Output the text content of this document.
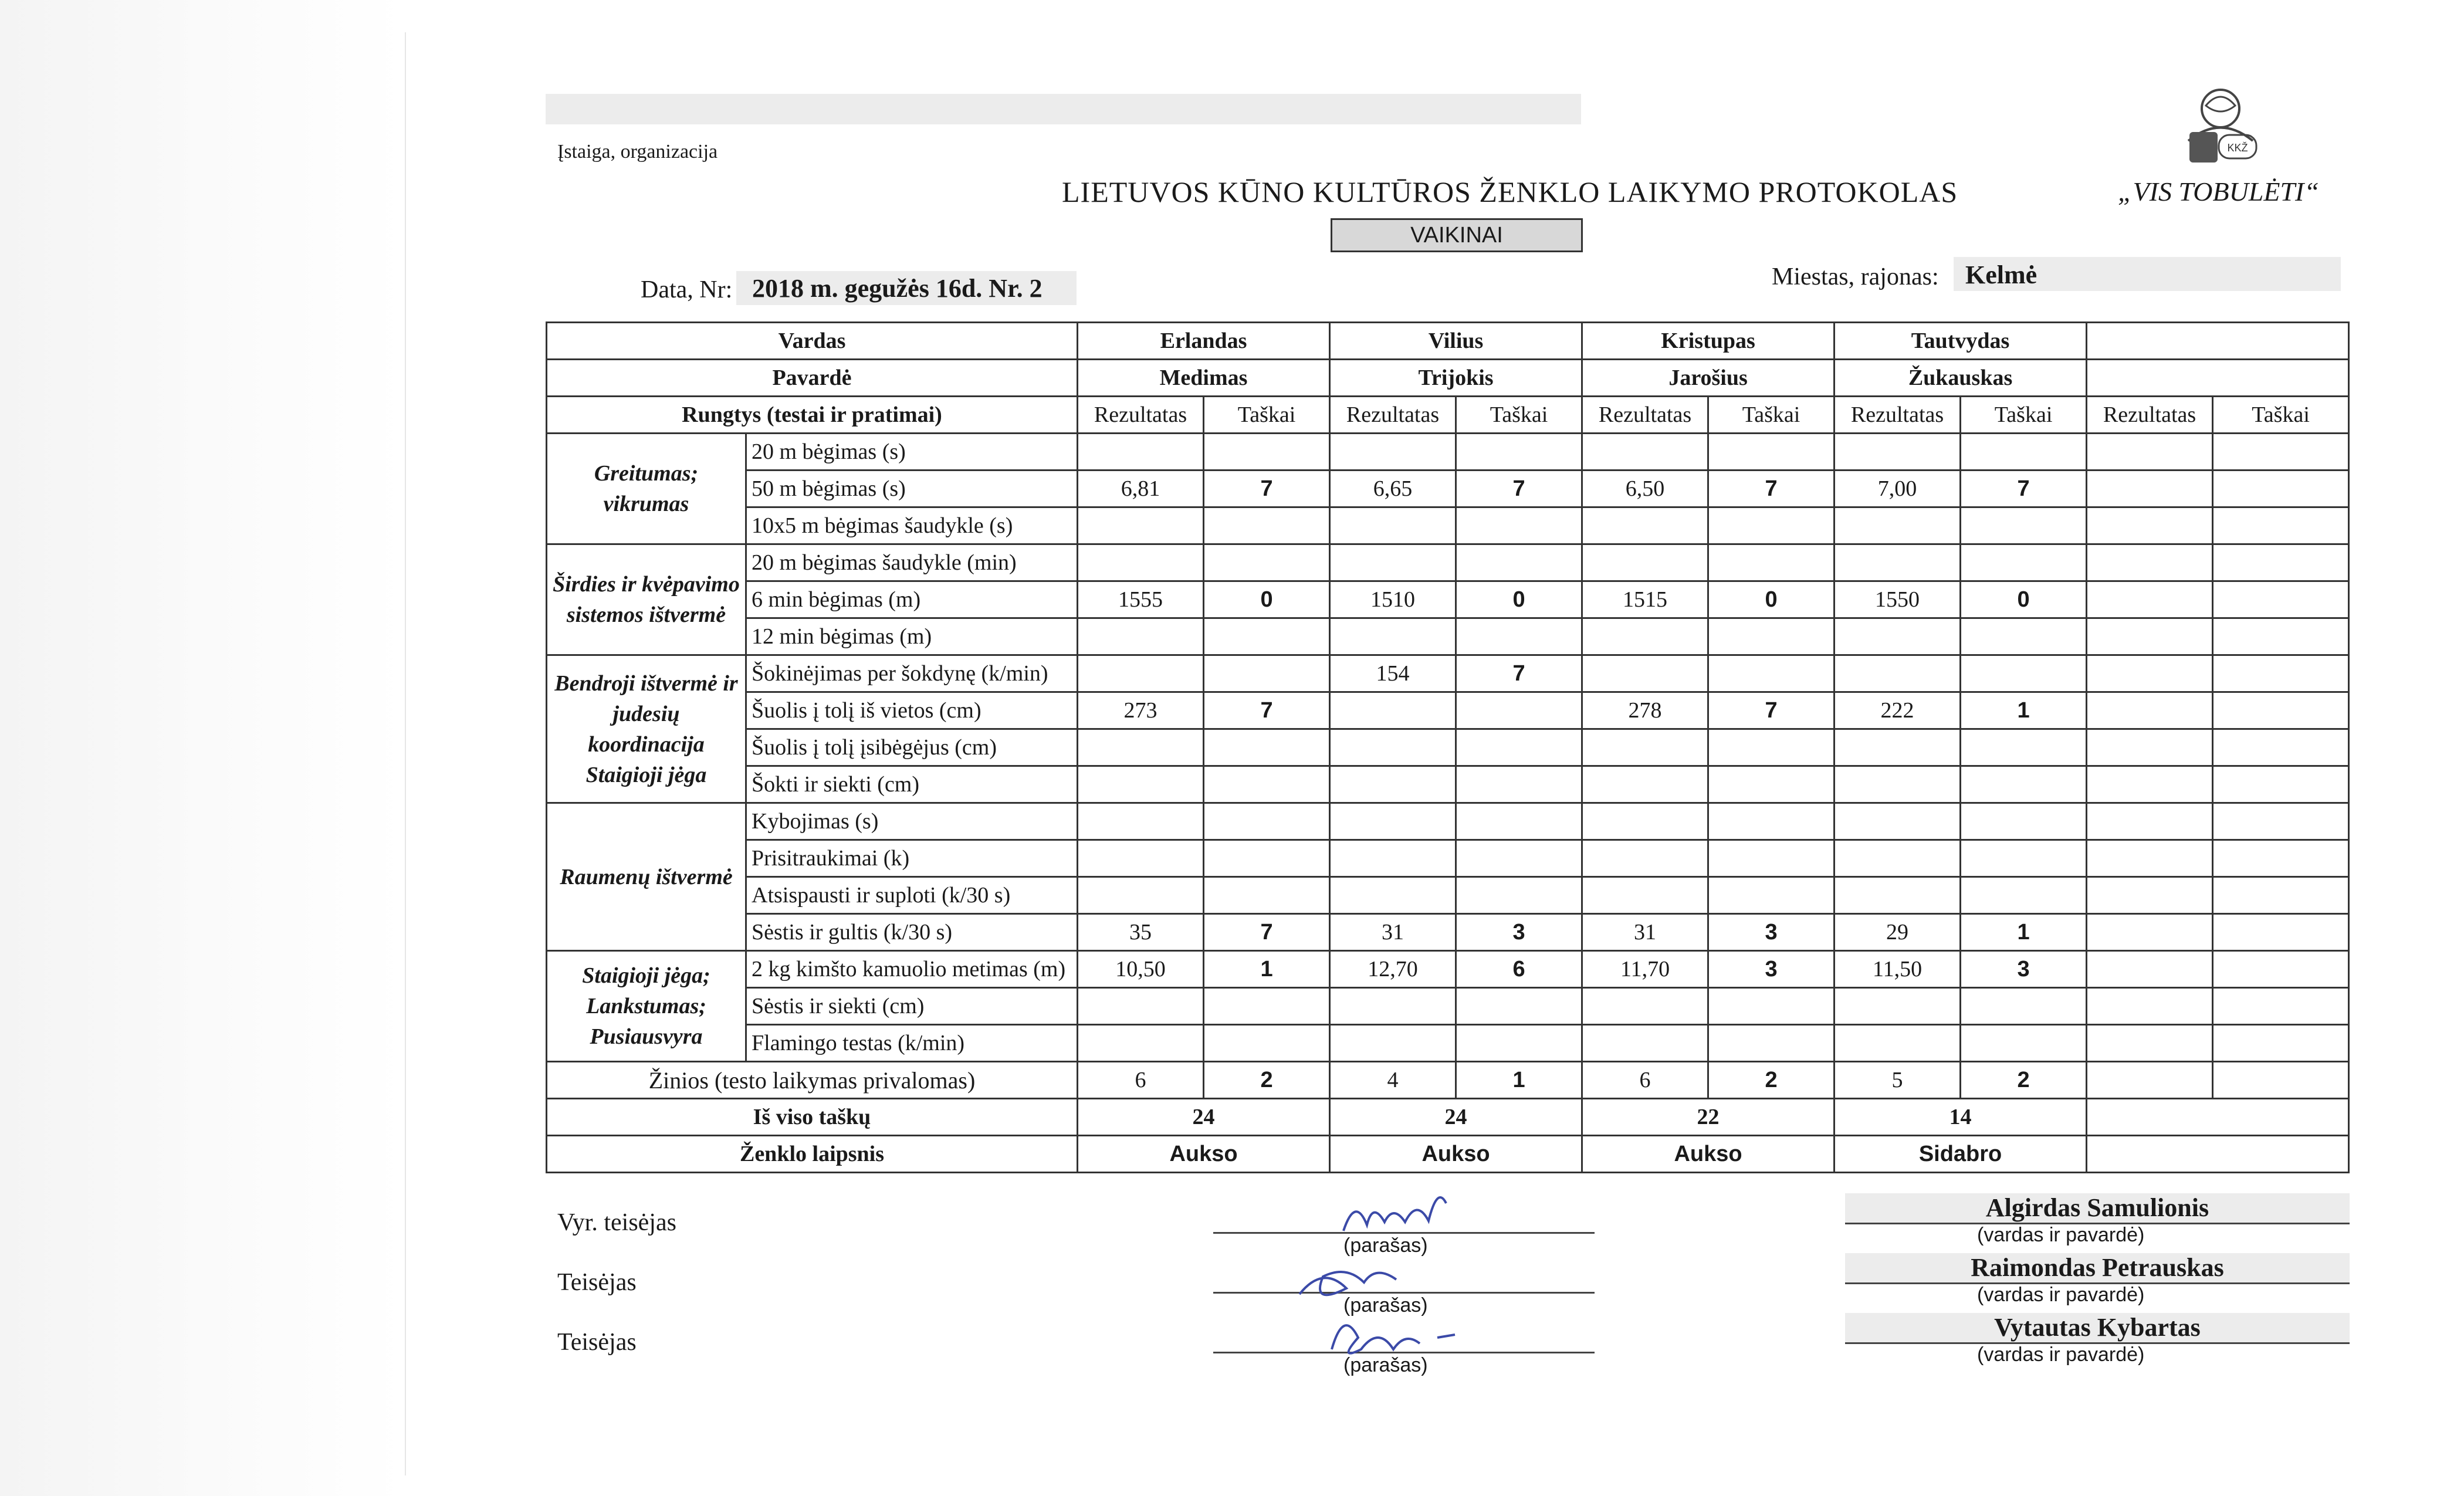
Įstaiga, organizacija
LIETUVOS KŪNO KULTŪROS ŽENKLO LAIKYMO PROTOKOLAS	„VIS TOBULĖTI“
VAIKINAI
Data, Nr: 2018 m. gegužės 16d. Nr. 2	Miestas, rajonas: Kelmė
KKŽ
Vardas		Erlandas		Vilius		Kristupas		Tautvydas			
Pavardė		Medimas		Trijokis		Jarošius		Žukauskas			
Rungtys (testai ir pratimai)		Rezultatas	Taškai	Rezultatas	Taškai	Rezultatas	Taškai	Rezultatas	Taškai	Rezultatas	Taškai
Greitumas; vikrumas	20 m bėgimas (s)										
	50 m bėgimas (s)	6,81	7	6,65	7	6,50	7	7,00	7		
	10x5 m bėgimas šaudykle (s)										
Širdies ir kvėpavimo sistemos ištvermė	20 m bėgimas šaudykle (min)										
	6 min bėgimas (m)	1555	0	1510	0	1515	0	1550	0		
	12 min bėgimas (m)										
Bendroji ištvermė ir judesių koordinacija Staigioji jėga	Šokinėjimas per šokdynę (k/min)			154	7						
	Šuolis į tolį iš vietos (cm)	273	7			278	7	222	1		
	Šuolis į tolį įsibėgėjus (cm)										
	Šokti ir siekti (cm)										
Raumenų ištvermė	Kybojimas (s)										
	Prisitraukimai (k)										
	Atsispausti ir suploti (k/30 s)										
	Sėstis ir gultis (k/30 s)	35	7	31	3	31	3	29	1		
Staigioji jėga; Lankstumas; Pusiausvyra	2 kg kimšto kamuolio metimas (m)	10,50	1	12,70	6	11,70	3	11,50	3		
	Sėstis ir siekti (cm)										
	Flamingo testas (k/min)										
Žinios (testo laikymas privalomas)		6	2	4	1	6	2	5	2		
Iš viso taškų		24		24		22		14			
Ženklo laipsnis		Aukso		Aukso		Aukso		Sidabro			
Vyr. teisėjas
(parašas)
Algirdas Samulionis
(vardas ir pavardė)
Teisėjas
(parašas)
Raimondas Petrauskas
(vardas ir pavardė)
Teisėjas
(parašas)
Vytautas Kybartas
(vardas ir pavardė)
